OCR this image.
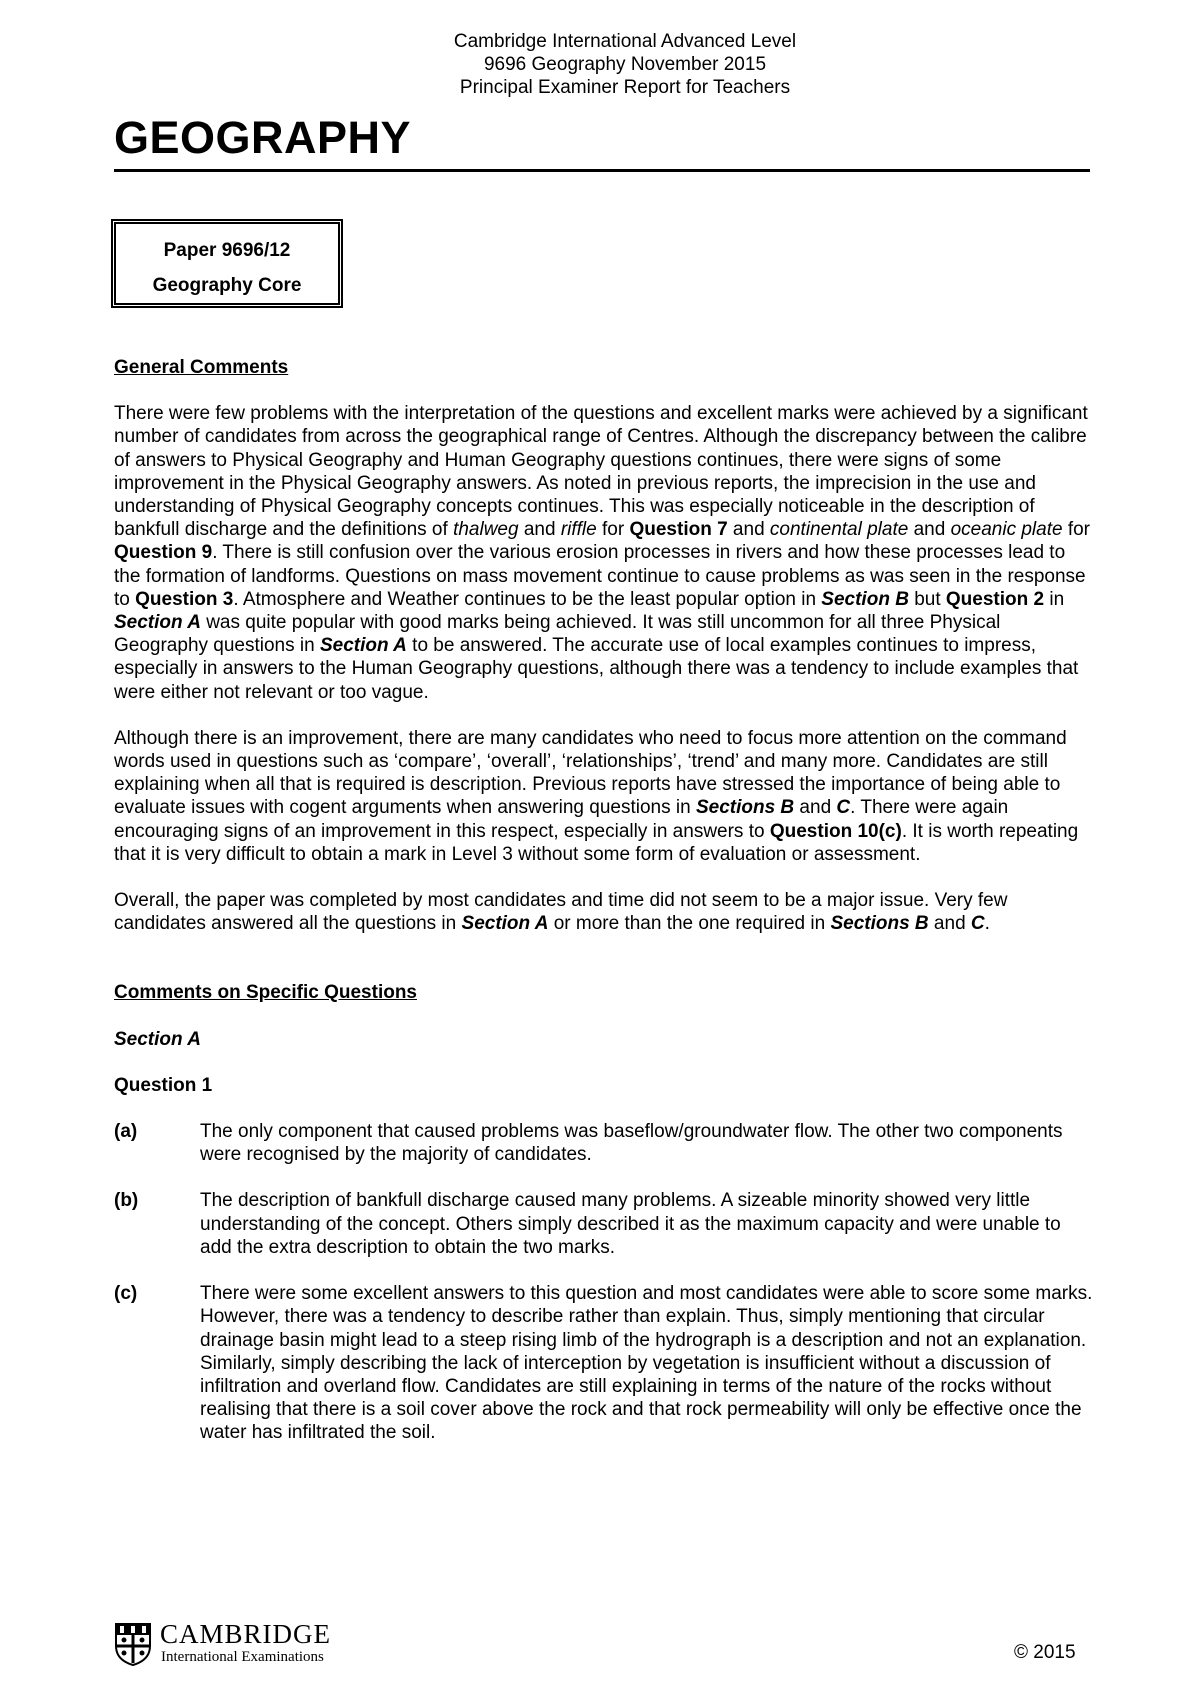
Cambridge International Advanced Level
9696 Geography November 2015
Principal Examiner Report for Teachers
GEOGRAPHY
Paper 9696/12
Geography Core

General Comments

There were few problems with the interpretation of the questions and excellent marks were achieved by a significant number of candidates from across the geographical range of Centres. Although the discrepancy between the calibre of answers to Physical Geography and Human Geography questions continues, there were signs of some improvement in the Physical Geography answers. As noted in previous reports, the imprecision in the use and understanding of Physical Geography concepts continues. This was especially noticeable in the description of bankfull discharge and the definitions of thalweg and riffle for Question 7 and continental plate and oceanic plate for Question 9. There is still confusion over the various erosion processes in rivers and how these processes lead to the formation of landforms. Questions on mass movement continue to cause problems as was seen in the response to Question 3. Atmosphere and Weather continues to be the least popular option in Section B but Question 2 in Section A was quite popular with good marks being achieved. It was still uncommon for all three Physical Geography questions in Section A to be answered. The accurate use of local examples continues to impress, especially in answers to the Human Geography questions, although there was a tendency to include examples that were either not relevant or too vague.

Although there is an improvement, there are many candidates who need to focus more attention on the command words used in questions such as ‘compare’, ‘overall’, ‘relationships’, ‘trend’ and many more. Candidates are still explaining when all that is required is description. Previous reports have stressed the importance of being able to evaluate issues with cogent arguments when answering questions in Sections B and C. There were again encouraging signs of an improvement in this respect, especially in answers to Question 10(c). It is worth repeating that it is very difficult to obtain a mark in Level 3 without some form of evaluation or assessment.

Overall, the paper was completed by most candidates and time did not seem to be a major issue. Very few candidates answered all the questions in Section A or more than the one required in Sections B and C.

Comments on Specific Questions

Section A

Question 1

(a)	The only component that caused problems was baseflow/groundwater flow. The other two components were recognised by the majority of candidates.
(b)	The description of bankfull discharge caused many problems. A sizeable minority showed very little understanding of the concept. Others simply described it as the maximum capacity and were unable to add the extra description to obtain the two marks.
(c)	There were some excellent answers to this question and most candidates were able to score some marks. However, there was a tendency to describe rather than explain. Thus, simply mentioning that circular drainage basin might lead to a steep rising limb of the hydrograph is a description and not an explanation. Similarly, simply describing the lack of interception by vegetation is insufficient without a discussion of infiltration and overland flow. Candidates are still explaining in terms of the nature of the rocks without realising that there is a soil cover above the rock and that rock permeability will only be effective once the water has infiltrated the soil.
CAMBRIDGE
International Examinations	© 2015
